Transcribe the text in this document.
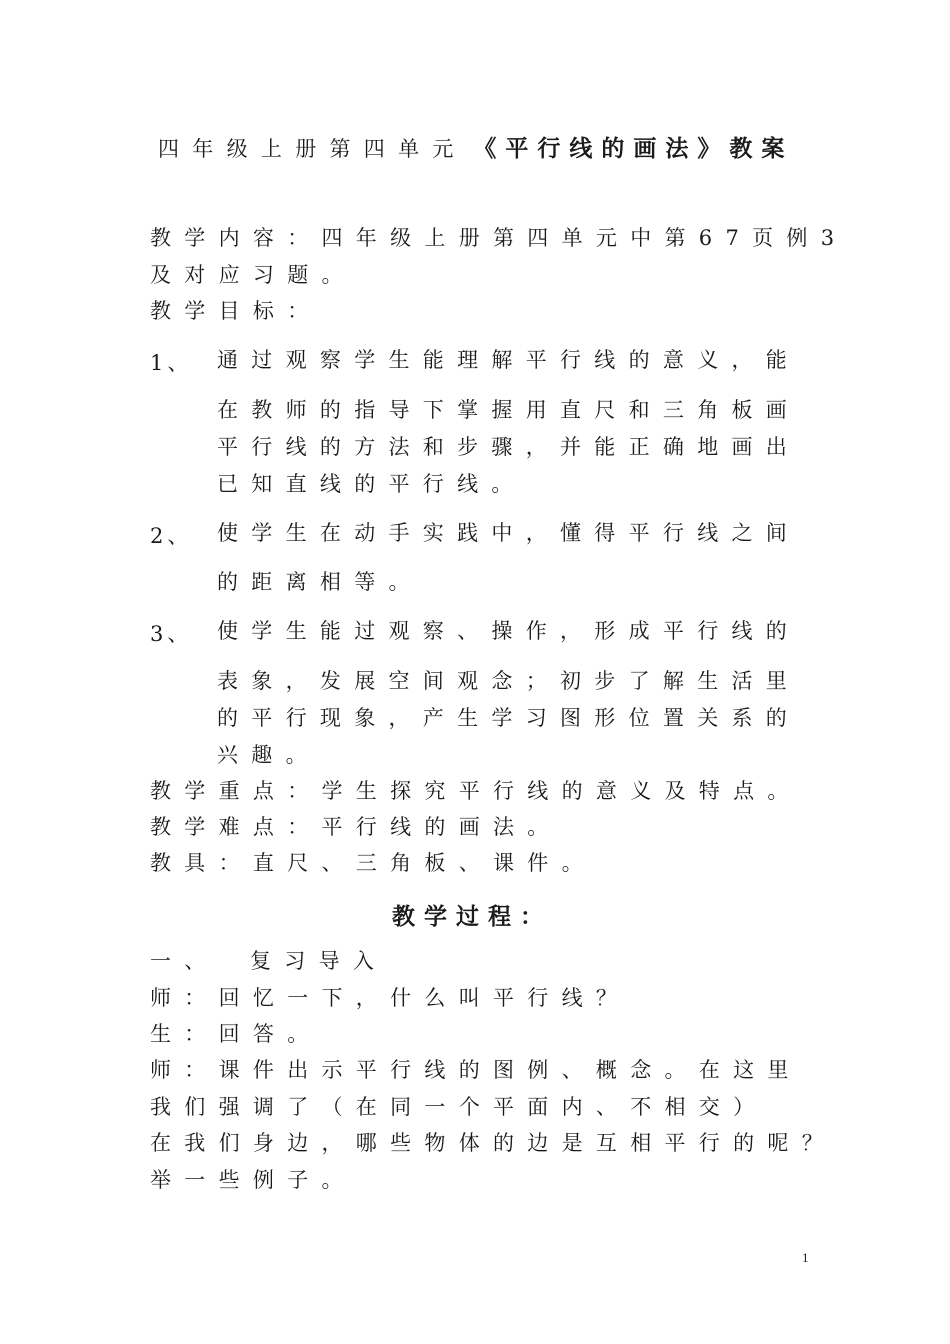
四年级上册第四单元 《平行线的画法》教案
教学内容：四年级上册第四单元中第67页例3
及对应习题。
教学目标：
1、 通过观察学生能理解平行线的意义，能
在教师的指导下掌握用直尺和三角板画
平行线的方法和步骤，并能正确地画出
已知直线的平行线。
2、 使学生在动手实践中，懂得平行线之间
的距离相等。
3、 使学生能过观察、操作，形成平行线的
表象，发展空间观念；初步了解生活里
的平行现象，产生学习图形位置关系的
兴趣。
教学重点：学生探究平行线的意义及特点。
教学难点：平行线的画法。
教具：直尺、三角板、课件。
教学过程：
一、 复习导入
师：回忆一下，什么叫平行线？
生：回答。
师：课件出示平行线的图例、概念。在这里
我们强调了（在同一个平面内、不相交）
在我们身边，哪些物体的边是互相平行的呢？
举一些例子。
1
